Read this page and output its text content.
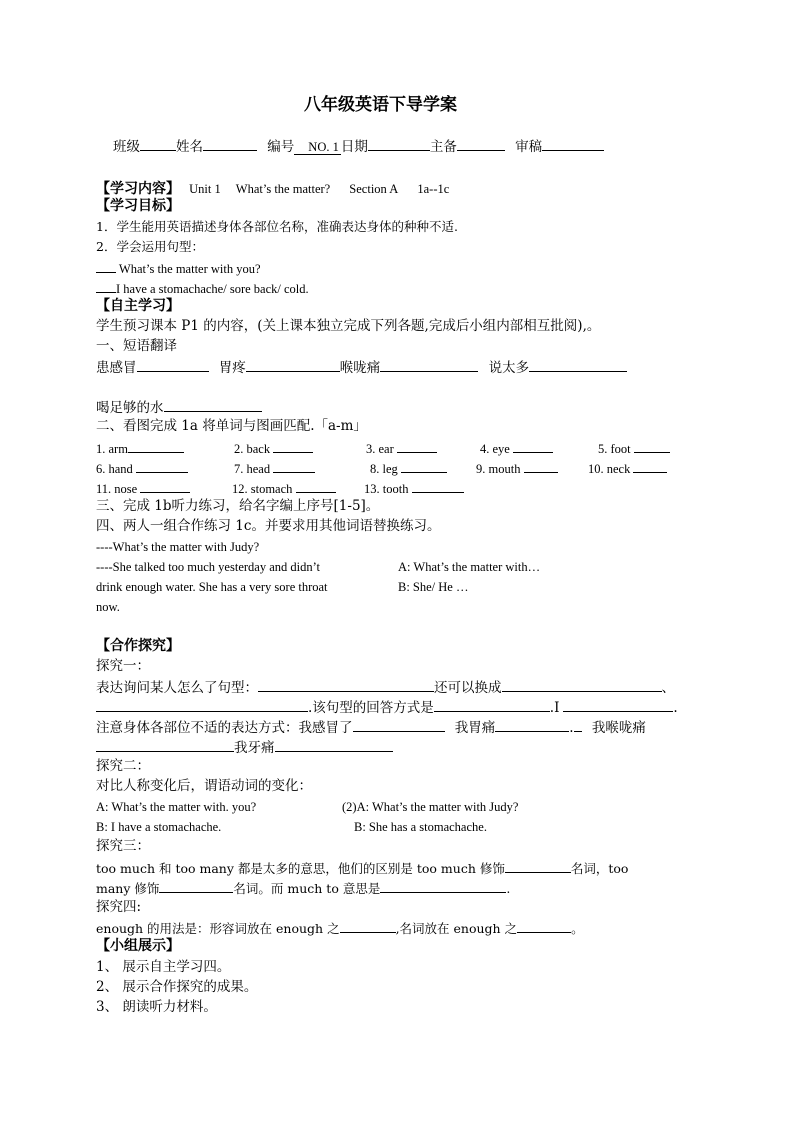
八年级英语下导学案
班级	姓名	编号 NO. 1 日期	主备	审稿
【学习内容】 Unit 1 What’s the matter? Section A 1a--1c
【学习目标】
1．学生能用英语描述身体各部位名称，准确表达身体的种种不适.
2．学会运用句型：
What’s the matter with you?
I have a stomachache/ sore back/ cold.
【自主学习】
学生预习课本 P1 的内容，(关上课本独立完成下列各题,完成后小组内部相互批阅),。
一、短语翻译
患感冒	胃疼	喉咙痛	说太多
喝足够的水
二、看图完成 1a 将单词与图画匹配.「a-m」
1. arm	2. back	3. ear	4. eye	5. foot
6. hand	7. head	8. leg	9. mouth	10. neck
11. nose	12. stomach	13. tooth
三、完成 1b听力练习，给名字编上序号[1-5]。
四、两人一组合作练习 1c。并要求用其他词语替换练习。
----What’s the matter with Judy?
----She talked too much yesterday and didn’t
drink enough water. She has a very sore throat
now.
A: What’s the matter with…
B: She/ He …
【合作探究】
探究一：
表达询问某人怎么了句型：	还可以换成	、
.该句型的回答方式是	.I	.
注意身体各部位不适的表达方式：我感冒了	我胃痛	. 我喉咙痛
我牙痛
探究二：
对比人称变化后，谓语动词的变化：
A: What’s the matter with. you?	(2)A: What’s the matter with Judy?
B: I have a stomachache.	B: She has a stomachache.
探究三：
too much 和 too many 都是太多的意思，他们的区别是 too much 修饰	名词，too
many 修饰	名词。而 much to 意思是	.
探究四:
enough 的用法是：形容词放在 enough 之	,名词放在 enough 之	。
【小组展示】
1、 展示自主学习四。
2、 展示合作探究的成果。
3、 朗读听力材料。
